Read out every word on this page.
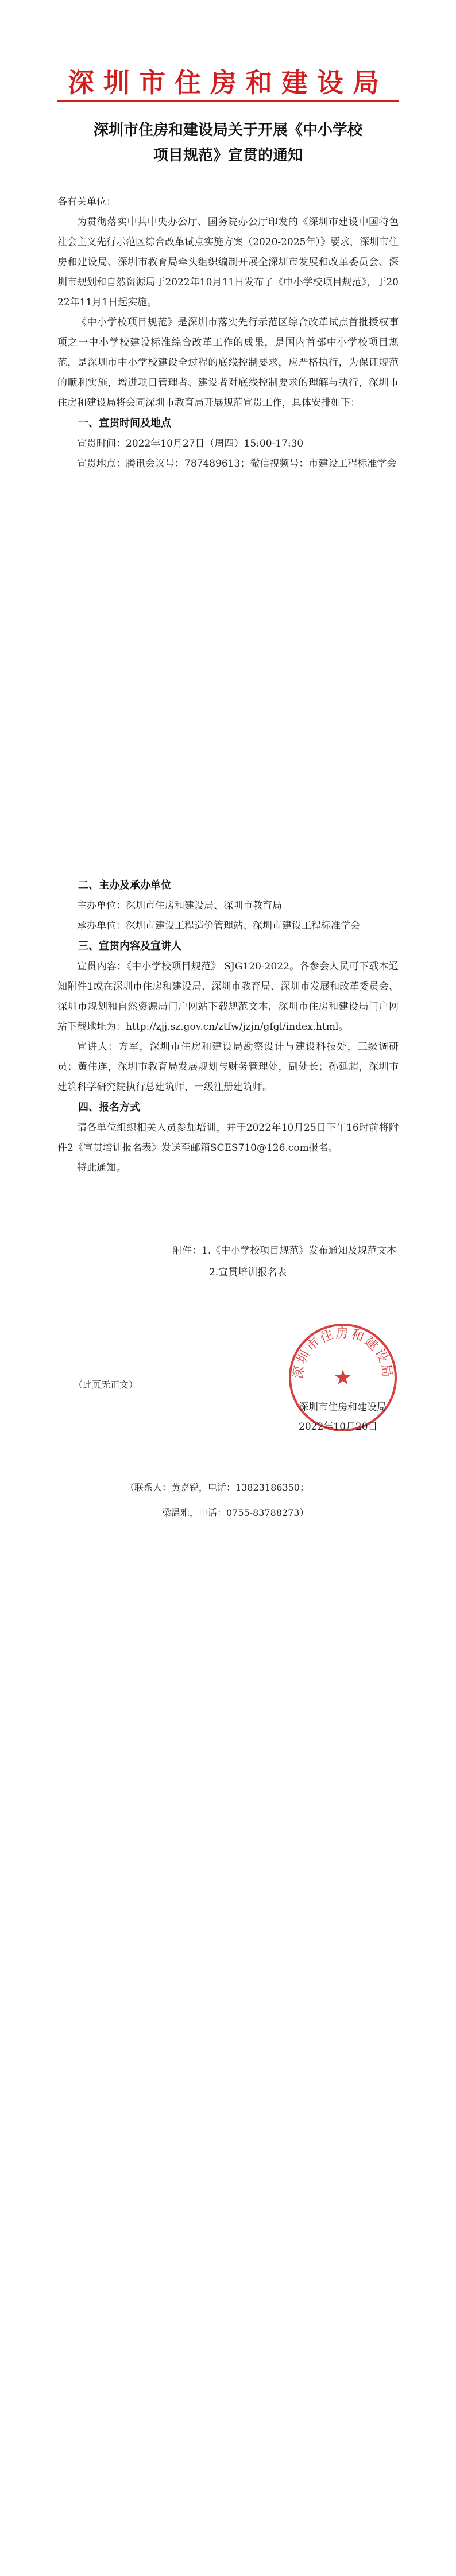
深圳市住房和建设局
深圳市住房和建设局关于开展《中小学校
项目规范》宣贯的通知

各有关单位：

为贯彻落实中共中央办公厅、国务院办公厅印发的《深圳市建设中国特色社会主义先行示范区综合改革试点实施方案（2020-2025年）》要求，深圳市住房和建设局、深圳市教育局牵头组织编制开展全深圳市发展和改革委员会、深圳市规划和自然资源局于2022年10月11日发布了《中小学校项目规范》，于2022年11月1日起实施。

《中小学校项目规范》是深圳市落实先行示范区综合改革试点首批授权事项之一中小学校建设标准综合改革工作的成果，是国内首部中小学校项目规范，是深圳市中小学校建设全过程的底线控制要求，应严格执行，为保证规范的顺利实施，增进项目管理者、建设者对底线控制要求的理解与执行，深圳市住房和建设局将会同深圳市教育局开展规范宣贯工作，具体安排如下：

一、宣贯时间及地点

宣贯时间：2022年10月27日（周四）15:00-17:30

宣贯地点：腾讯会议号：787489613；微信视频号：市建设工程标准学会

二、主办及承办单位

主办单位：深圳市住房和建设局、深圳市教育局

承办单位：深圳市建设工程造价管理站、深圳市建设工程标准学会

三、宣贯内容及宣讲人

宣贯内容：《中小学校项目规范》 SJG120-2022。各参会人员可下载本通知附件1或在深圳市住房和建设局、深圳市教育局、深圳市发展和改革委员会、深圳市规划和自然资源局门户网站下载规范文本，深圳市住房和建设局门户网站下载地址为：http://zjj.sz.gov.cn/ztfw/jzjn/gfgl/index.html。

宣讲人：方军，深圳市住房和建设局勘察设计与建设科技处，三级调研员；黄伟连，深圳市教育局发展规划与财务管理处，副处长；孙延超，深圳市建筑科学研究院执行总建筑师，一级注册建筑师。

四、报名方式

请各单位组织相关人员参加培训，并于2022年10月25日下午16时前将附件2《宣贯培训报名表》发送至邮箱SCES710@126.com报名。

特此通知。

附件：1.《中小学校项目规范》发布通知及规范文本
2.宣贯培训报名表
（此页无正文）
深圳市住房和建设局
★
深圳市住房和建设局
2022年10月20日
（联系人：黄嘉锐，电话：13823186350；
梁温雅，电话：0755-83788273）
